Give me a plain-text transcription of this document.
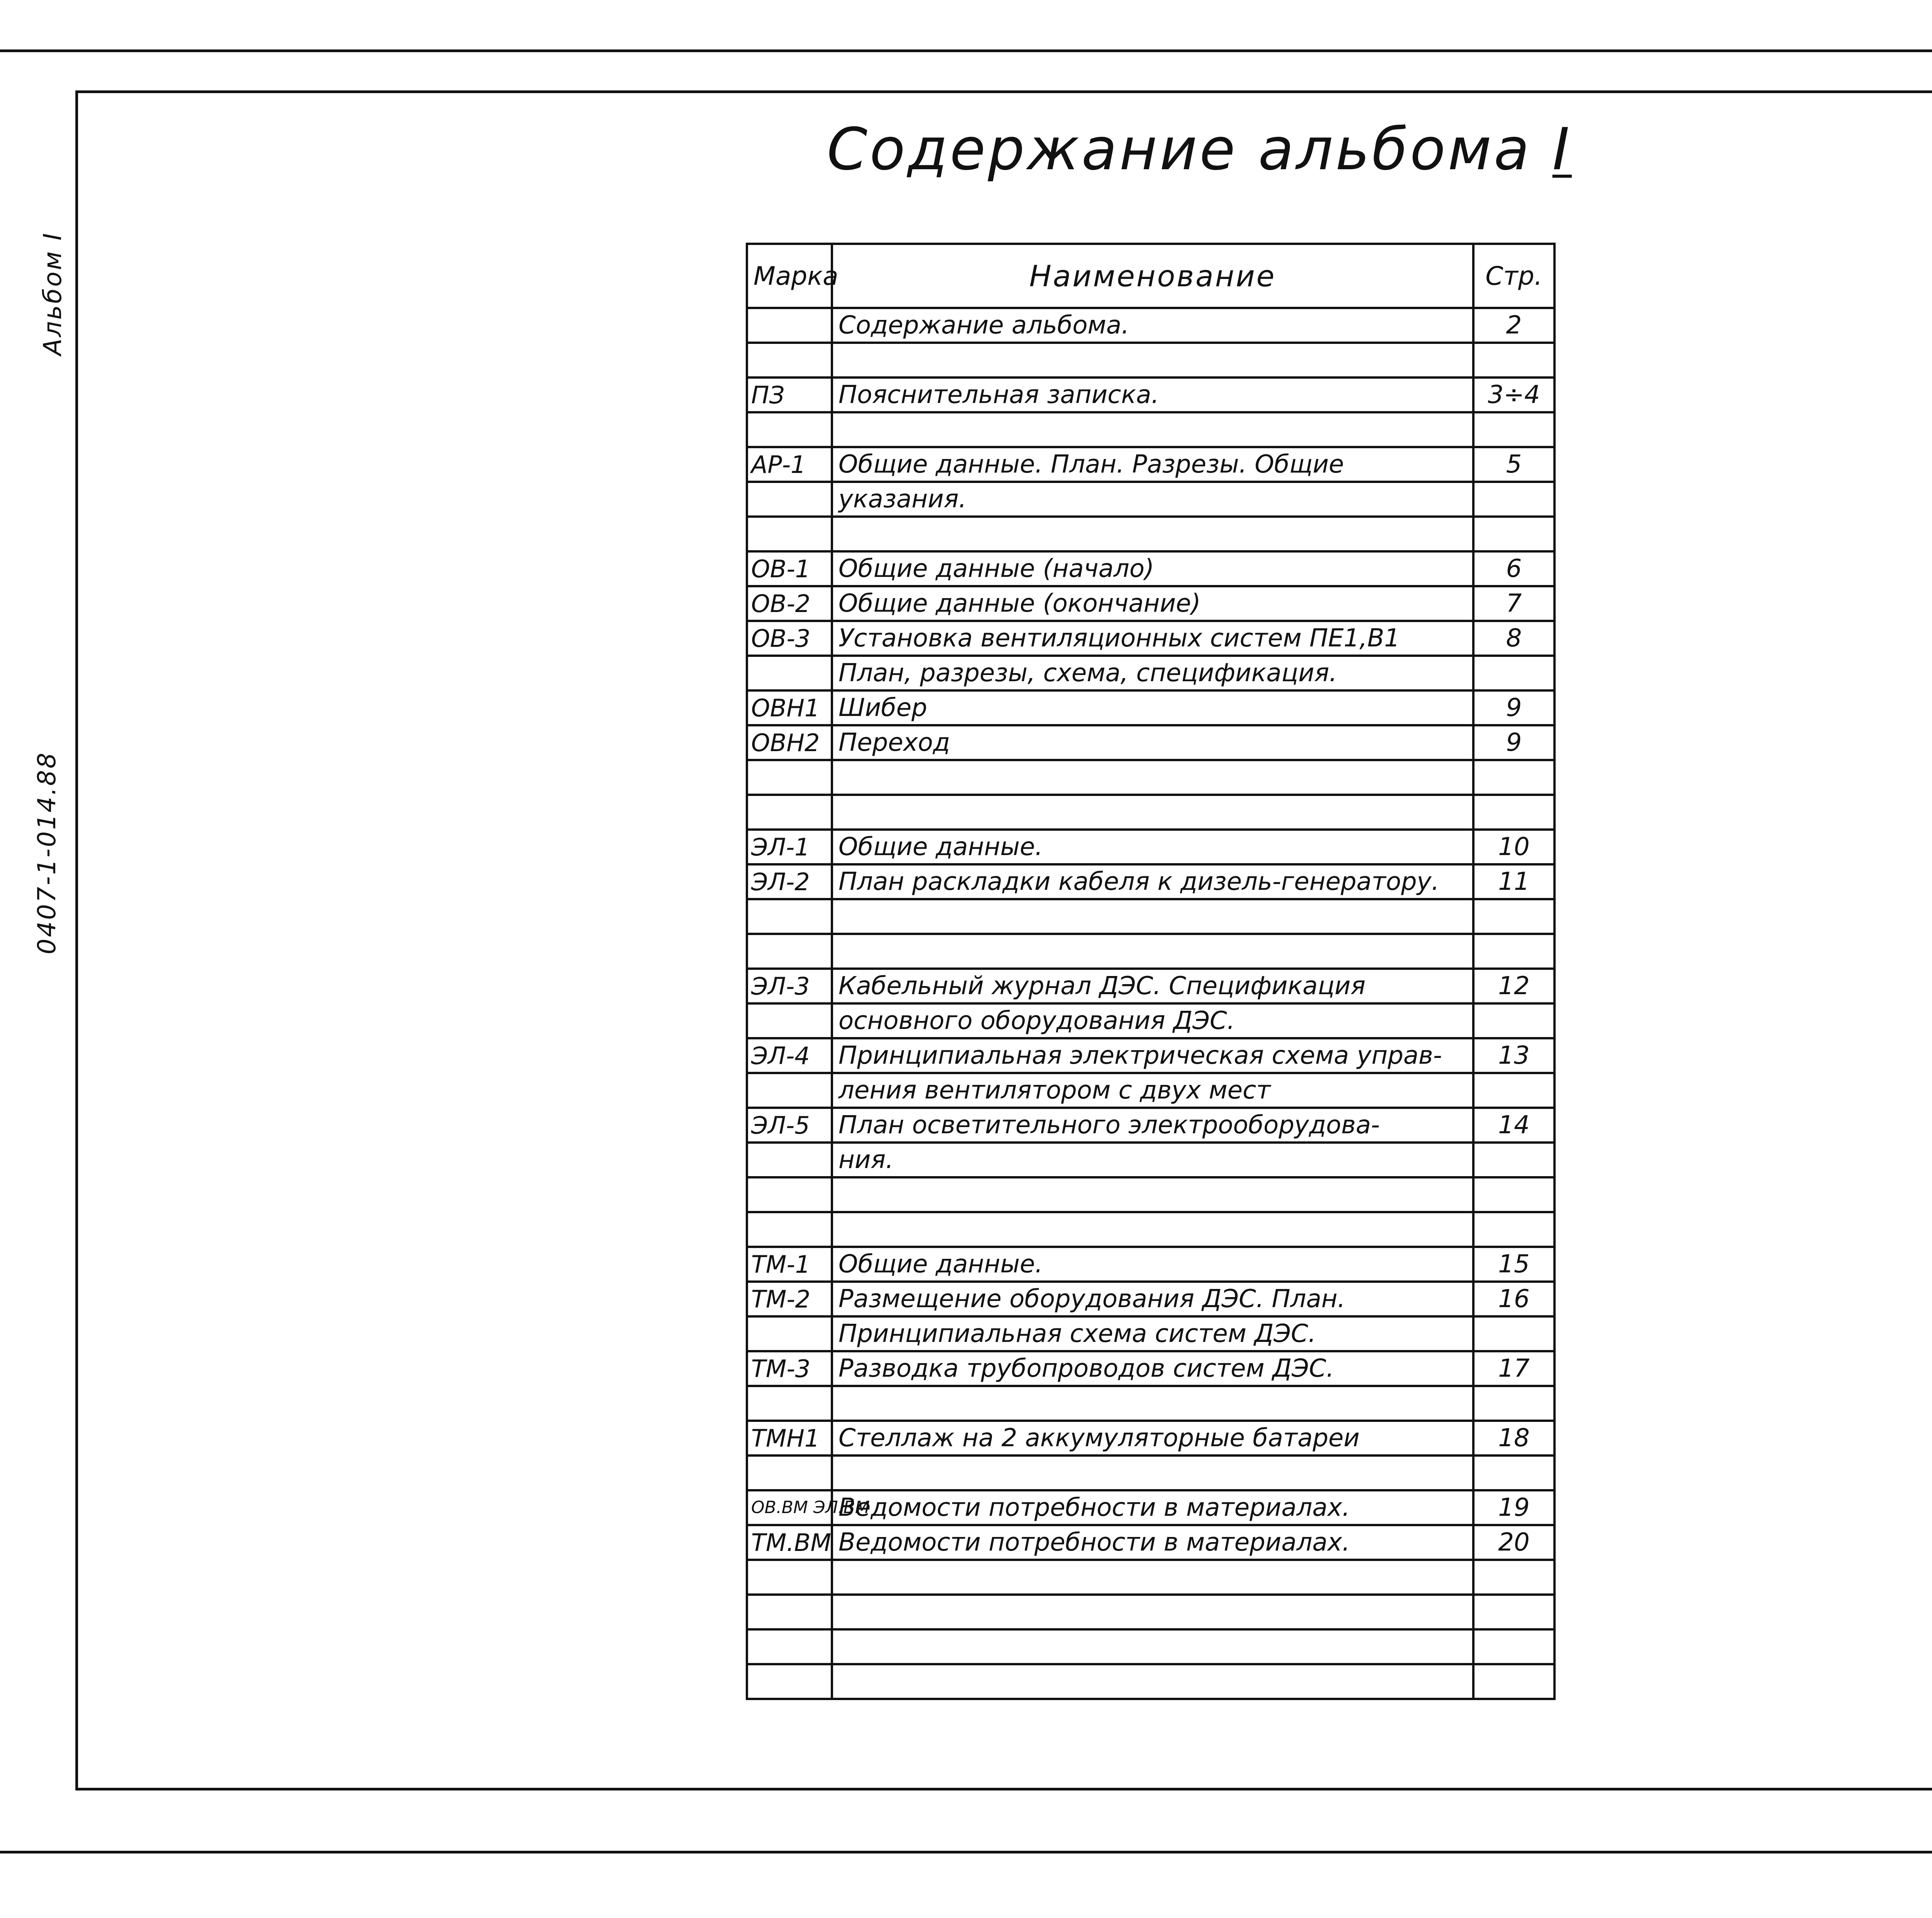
Альбом I
0407-1-014.88
Содержание альбома I
Марка	Наименование	Стр.
	Содержание альбома.	2

ПЗ	Пояснительная записка.	3÷4

АР-1	Общие данные. План. Разрезы. Общие	5
	указания.	

ОВ-1	Общие данные (начало)	6
ОВ-2	Общие данные (окончание)	7
ОВ-3	Установка вентиляционных систем ПЕ1,В1	8
	План, разрезы, схема, спецификация.	
ОВН1	Шибер	9
ОВН2	Переход	9

ЭЛ-1	Общие данные.	10
ЭЛ-2	План раскладки кабеля к дизель-генератору.	11

ЭЛ-3	Кабельный журнал ДЭС. Спецификация	12
	основного оборудования ДЭС.	
ЭЛ-4	Принципиальная электрическая схема управ-	13
	ления вентилятором с двух мест	
ЭЛ-5	План осветительного электрооборудова-	14
	ния.	

ТМ-1	Общие данные.	15
ТМ-2	Размещение оборудования ДЭС. План.	16
	Принципиальная схема систем ДЭС.	
ТМ-3	Разводка трубопроводов систем ДЭС.	17

ТМН1	Стеллаж на 2 аккумуляторные батареи	18

ОВ.ВМ ЭЛ.ВМ	Ведомости потребности в материалах.	19
ТМ.ВМ	Ведомости потребности в материалах.	20
